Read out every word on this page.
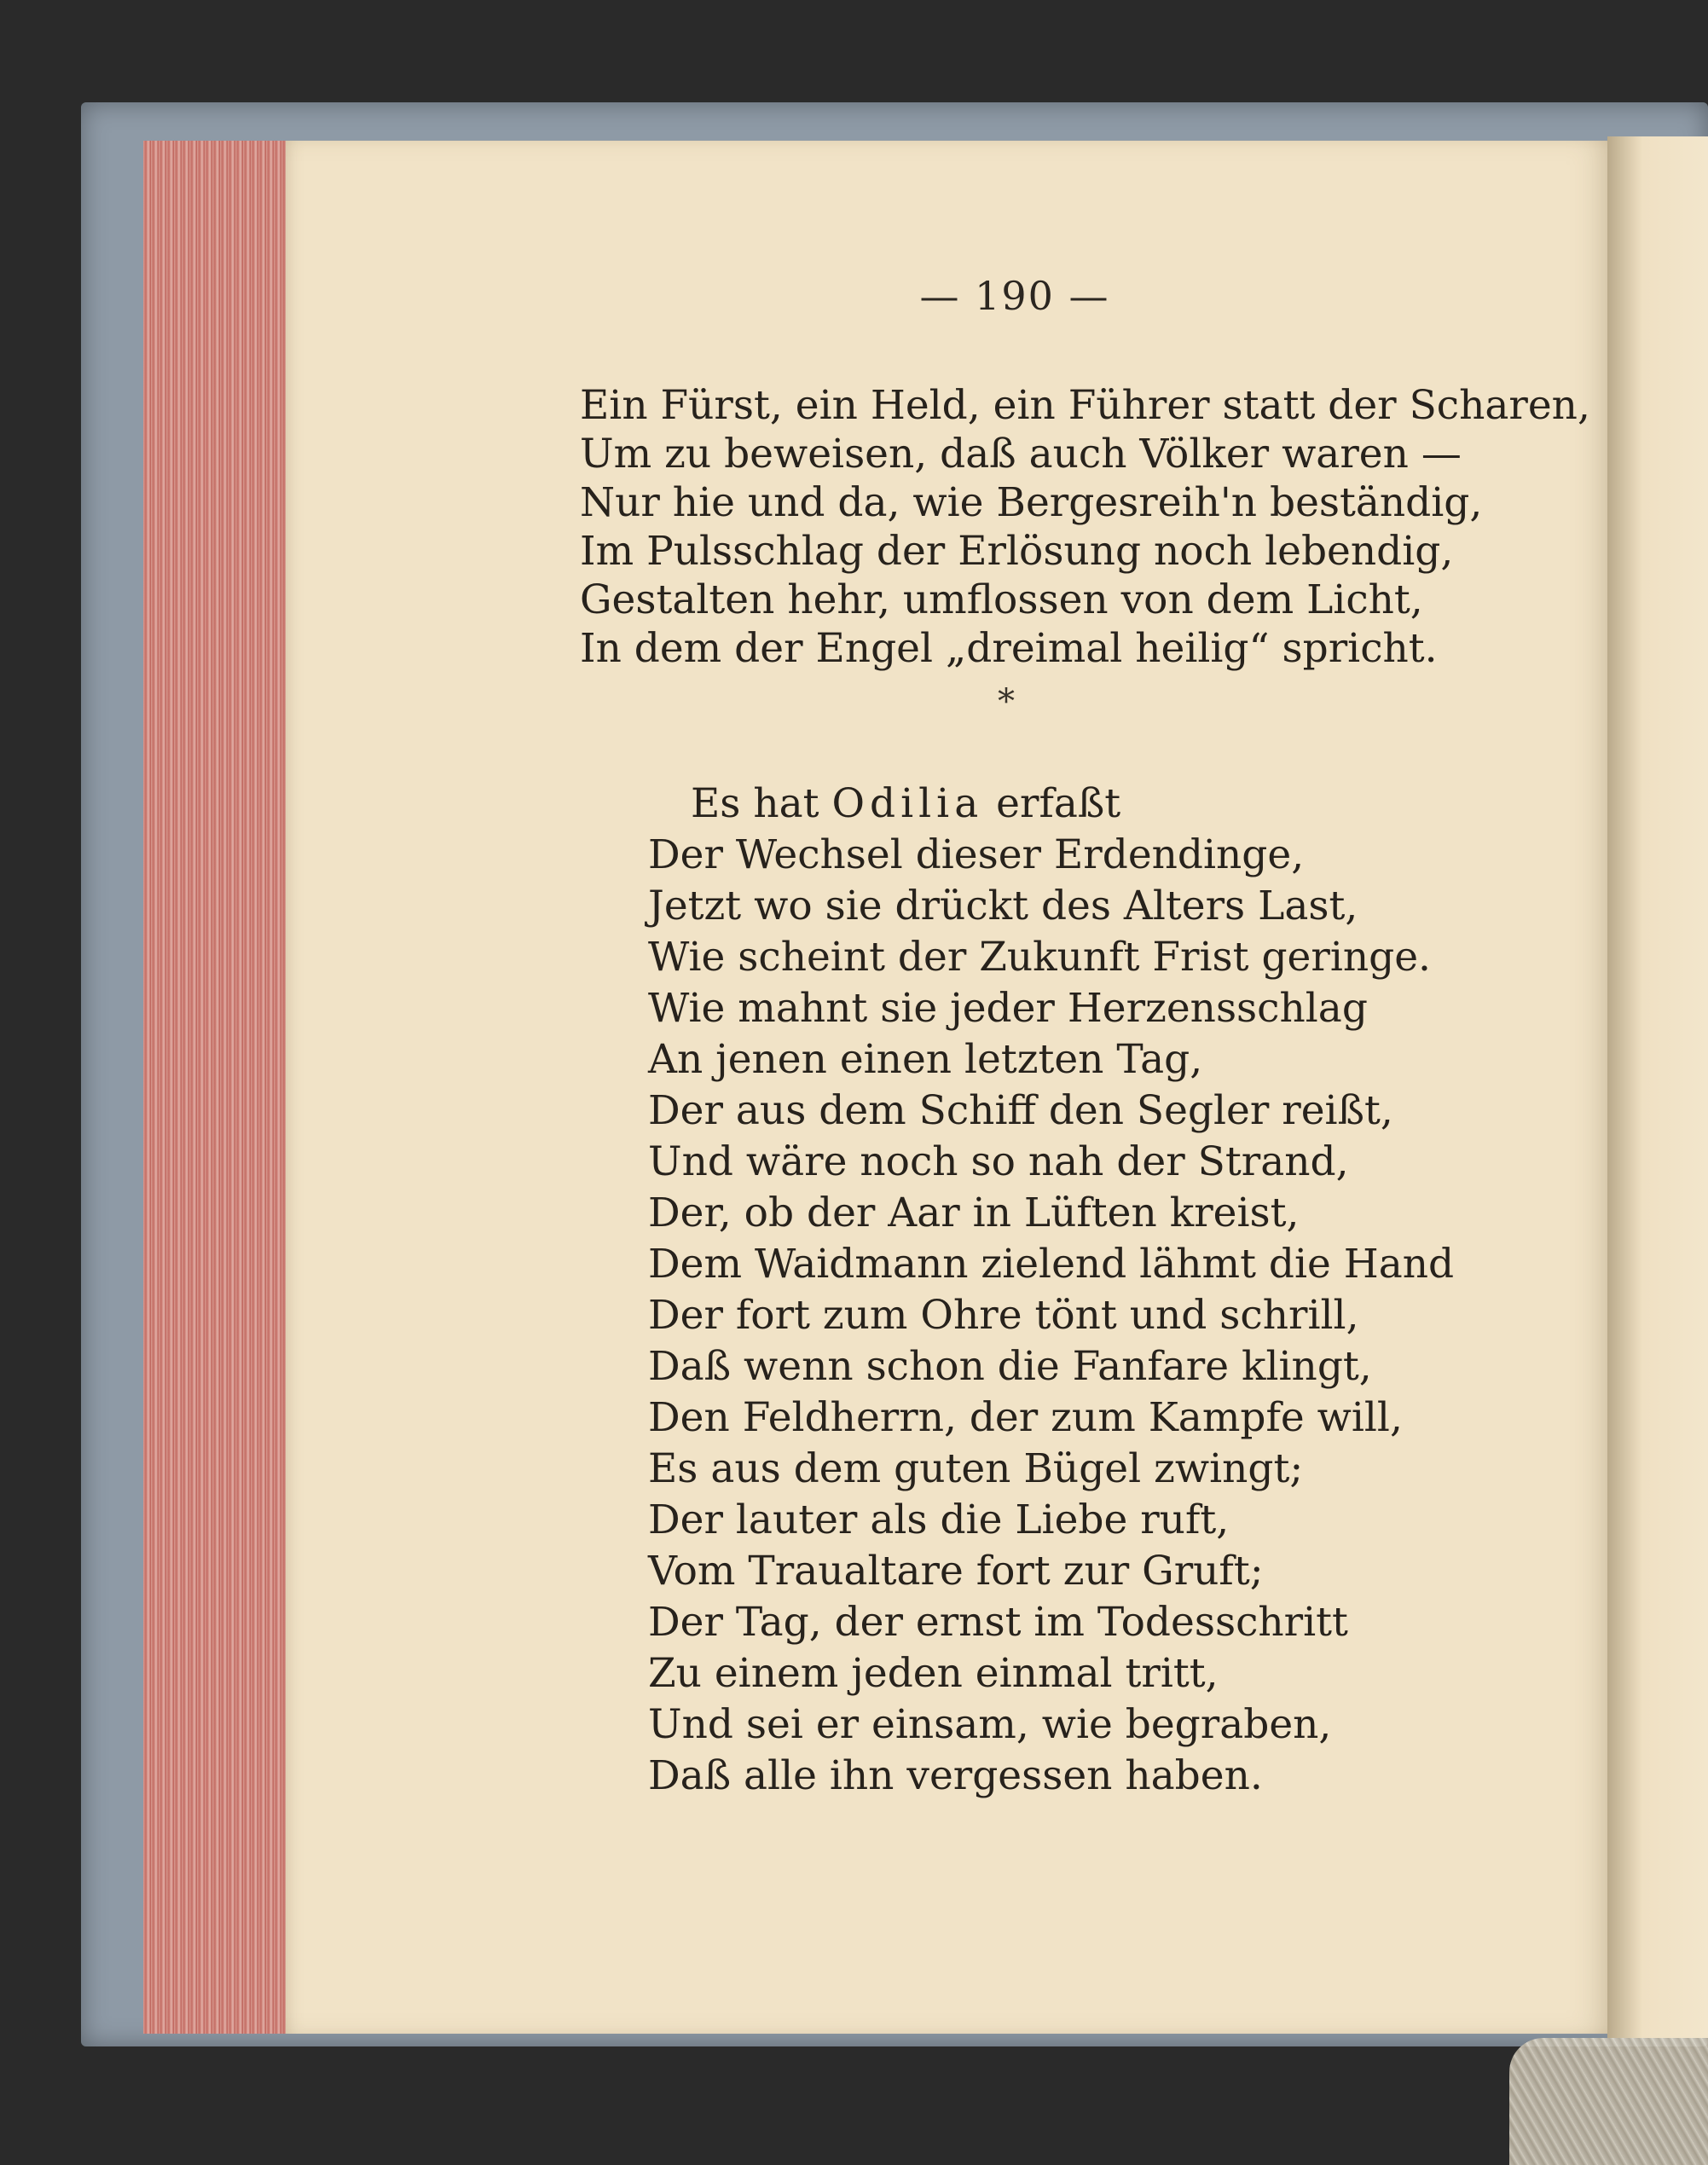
— 190 —
Ein Fürst, ein Held, ein Führer statt der Scharen,
Um zu beweisen, daß auch Völker waren —
Nur hie und da, wie Bergesreih'n beständig,
Im Pulsschlag der Erlösung noch lebendig,
Gestalten hehr, umflossen von dem Licht,
In dem der Engel „dreimal heilig“ spricht.
*
Es hat Odilia erfaßt
Der Wechsel dieser Erdendinge,
Jetzt wo sie drückt des Alters Last,
Wie scheint der Zukunft Frist geringe.
Wie mahnt sie jeder Herzensschlag
An jenen einen letzten Tag,
Der aus dem Schiff den Segler reißt,
Und wäre noch so nah der Strand,
Der, ob der Aar in Lüften kreist,
Dem Waidmann zielend lähmt die Hand
Der fort zum Ohre tönt und schrill,
Daß wenn schon die Fanfare klingt,
Den Feldherrn, der zum Kampfe will,
Es aus dem guten Bügel zwingt;
Der lauter als die Liebe ruft,
Vom Traualtare fort zur Gruft;
Der Tag, der ernst im Todesschritt
Zu einem jeden einmal tritt,
Und sei er einsam, wie begraben,
Daß alle ihn vergessen haben.
